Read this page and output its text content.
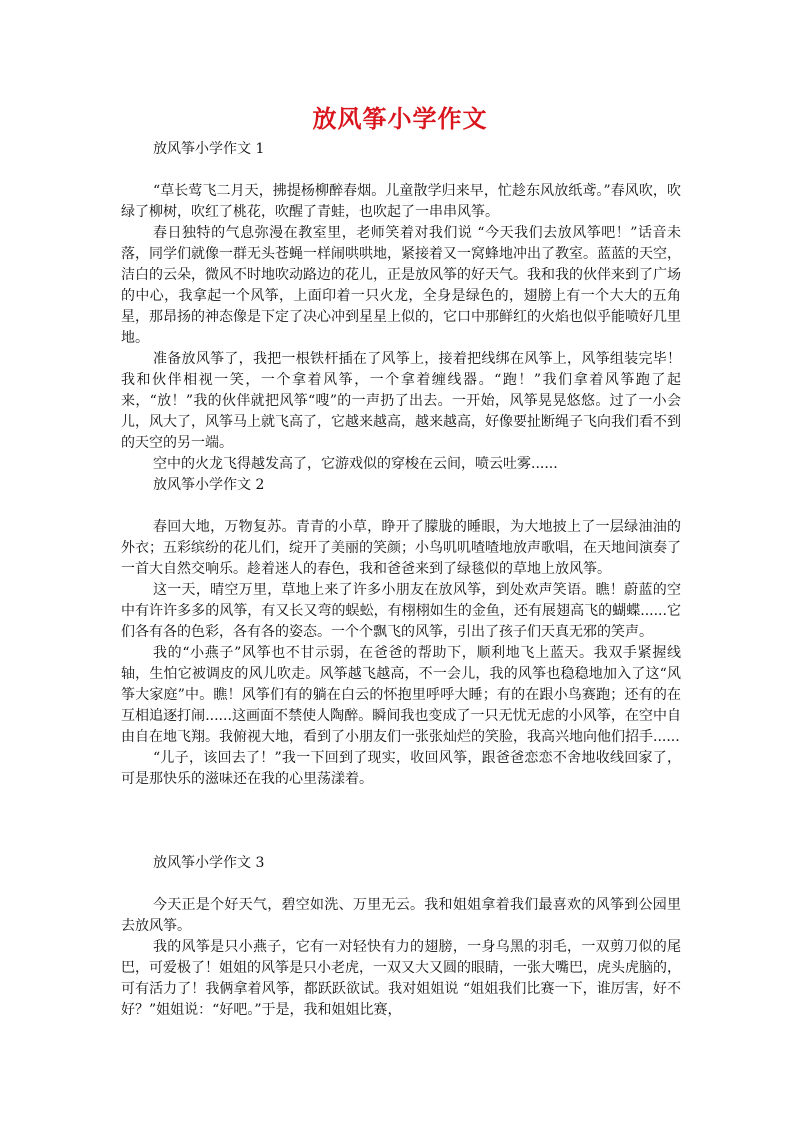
放风筝小学作文
放风筝小学作文 1

“草长莺飞二月天，拂提杨柳醉春烟。儿童散学归来早，忙趁东风放纸鸢。”春风吹，吹绿了柳树，吹红了桃花，吹醒了青蛙，也吹起了一串串风筝。

春日独特的气息弥漫在教室里，老师笑着对我们说 “今天我们去放风筝吧！”话音未落，同学们就像一群无头苍蝇一样闹哄哄地，紧接着又一窝蜂地冲出了教室。蓝蓝的天空，洁白的云朵，微风不时地吹动路边的花儿，正是放风筝的好天气。我和我的伙伴来到了广场的中心，我拿起一个风筝，上面印着一只火龙，全身是绿色的，翅膀上有一个大大的五角星，那昂扬的神态像是下定了决心冲到星星上似的，它口中那鲜红的火焰也似乎能喷好几里地。

准备放风筝了，我把一根铁杆插在了风筝上，接着把线绑在风筝上，风筝组装完毕！我和伙伴相视一笑，一个拿着风筝，一个拿着缠线器。“跑！”我们拿着风筝跑了起来，“放！”我的伙伴就把风筝“嗖”的一声扔了出去。一开始，风筝晃晃悠悠。过了一小会儿，风大了，风筝马上就飞高了，它越来越高，越来越高，好像要扯断绳子飞向我们看不到的天空的另一端。

空中的火龙飞得越发高了，它游戏似的穿梭在云间，喷云吐雾......

放风筝小学作文 2

春回大地，万物复苏。青青的小草，睁开了朦胧的睡眼，为大地披上了一层绿油油的外衣；五彩缤纷的花儿们，绽开了美丽的笑颜；小鸟叽叽喳喳地放声歌唱，在天地间演奏了一首大自然交响乐。趁着迷人的春色，我和爸爸来到了绿毯似的草地上放风筝。

这一天，晴空万里，草地上来了许多小朋友在放风筝，到处欢声笑语。瞧！蔚蓝的空中有许许多多的风筝，有又长又弯的蜈蚣，有栩栩如生的金鱼，还有展翅高飞的蝴蝶......它们各有各的色彩，各有各的姿态。一个个飘飞的风筝，引出了孩子们天真无邪的笑声。

我的“小燕子”风筝也不甘示弱，在爸爸的帮助下，顺利地飞上蓝天。我双手紧握线轴，生怕它被调皮的风儿吹走。风筝越飞越高，不一会儿，我的风筝也稳稳地加入了这“风筝大家庭”中。瞧！风筝们有的躺在白云的怀抱里呼呼大睡；有的在跟小鸟赛跑；还有的在互相追逐打闹......这画面不禁使人陶醉。瞬间我也变成了一只无忧无虑的小风筝，在空中自由自在地飞翔。我俯视大地，看到了小朋友们一张张灿烂的笑脸，我高兴地向他们招手......

“儿子，该回去了！”我一下回到了现实，收回风筝，跟爸爸恋恋不舍地收线回家了，可是那快乐的滋味还在我的心里荡漾着。

放风筝小学作文 3

今天正是个好天气，碧空如洗、万里无云。我和姐姐拿着我们最喜欢的风筝到公园里去放风筝。

我的风筝是只小燕子，它有一对轻快有力的翅膀，一身乌黑的羽毛，一双剪刀似的尾巴，可爱极了！姐姐的风筝是只小老虎，一双又大又圆的眼睛，一张大嘴巴，虎头虎脑的，可有活力了！我俩拿着风筝，都跃跃欲试。我对姐姐说 “姐姐我们比赛一下，谁厉害，好不好？”姐姐说：“好吧。”于是，我和姐姐比赛，
